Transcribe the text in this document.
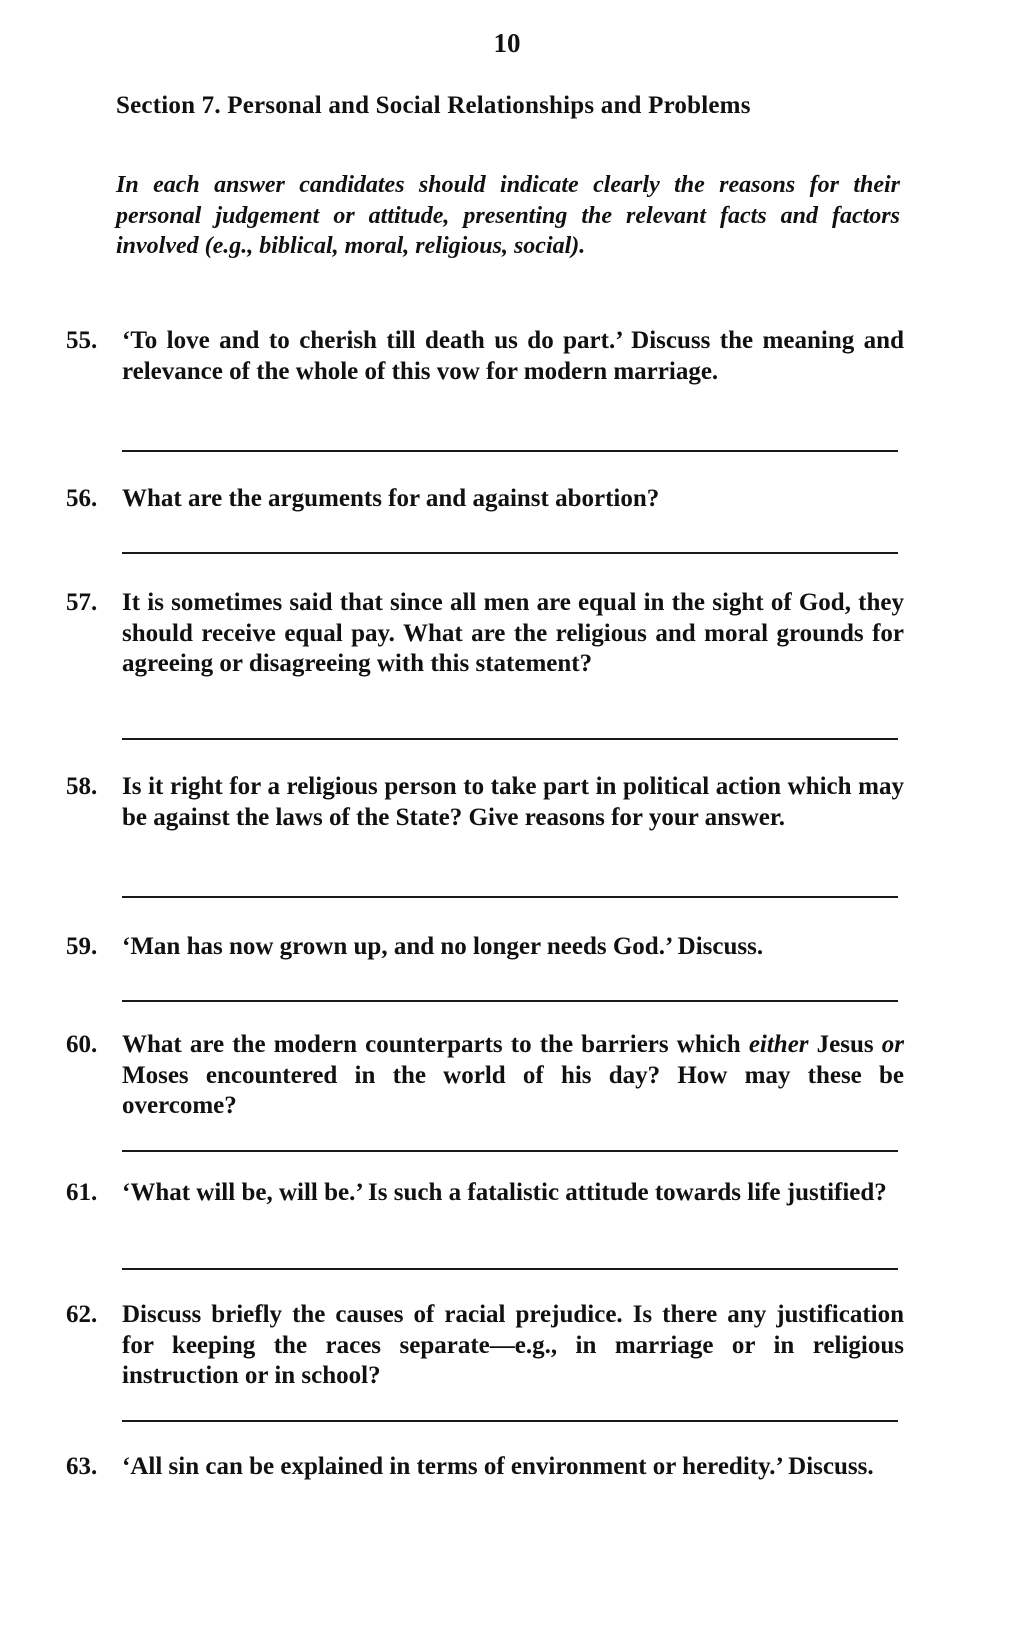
10
Section 7. Personal and Social Relationships and Problems
In each answer candidates should indicate clearly the reasons for their personal judgement or attitude, presenting the relevant facts and factors involved (e.g., biblical, moral, religious, social).
55. ‘To love and to cherish till death us do part.’ Discuss the meaning and relevance of the whole of this vow for modern marriage.
56. What are the arguments for and against abortion?
57. It is sometimes said that since all men are equal in the sight of God, they should receive equal pay. What are the religious and moral grounds for agreeing or disagreeing with this statement?
58. Is it right for a religious person to take part in political action which may be against the laws of the State? Give reasons for your answer.
59. ‘Man has now grown up, and no longer needs God.’ Discuss.
60. What are the modern counterparts to the barriers which either Jesus or Moses encountered in the world of his day? How may these be overcome?
61. ‘What will be, will be.’ Is such a fatalistic attitude towards life justified?
62. Discuss briefly the causes of racial prejudice. Is there any justification for keeping the races separate—e.g., in marriage or in religious instruction or in school?
63. ‘All sin can be explained in terms of environment or heredity.’ Discuss.
